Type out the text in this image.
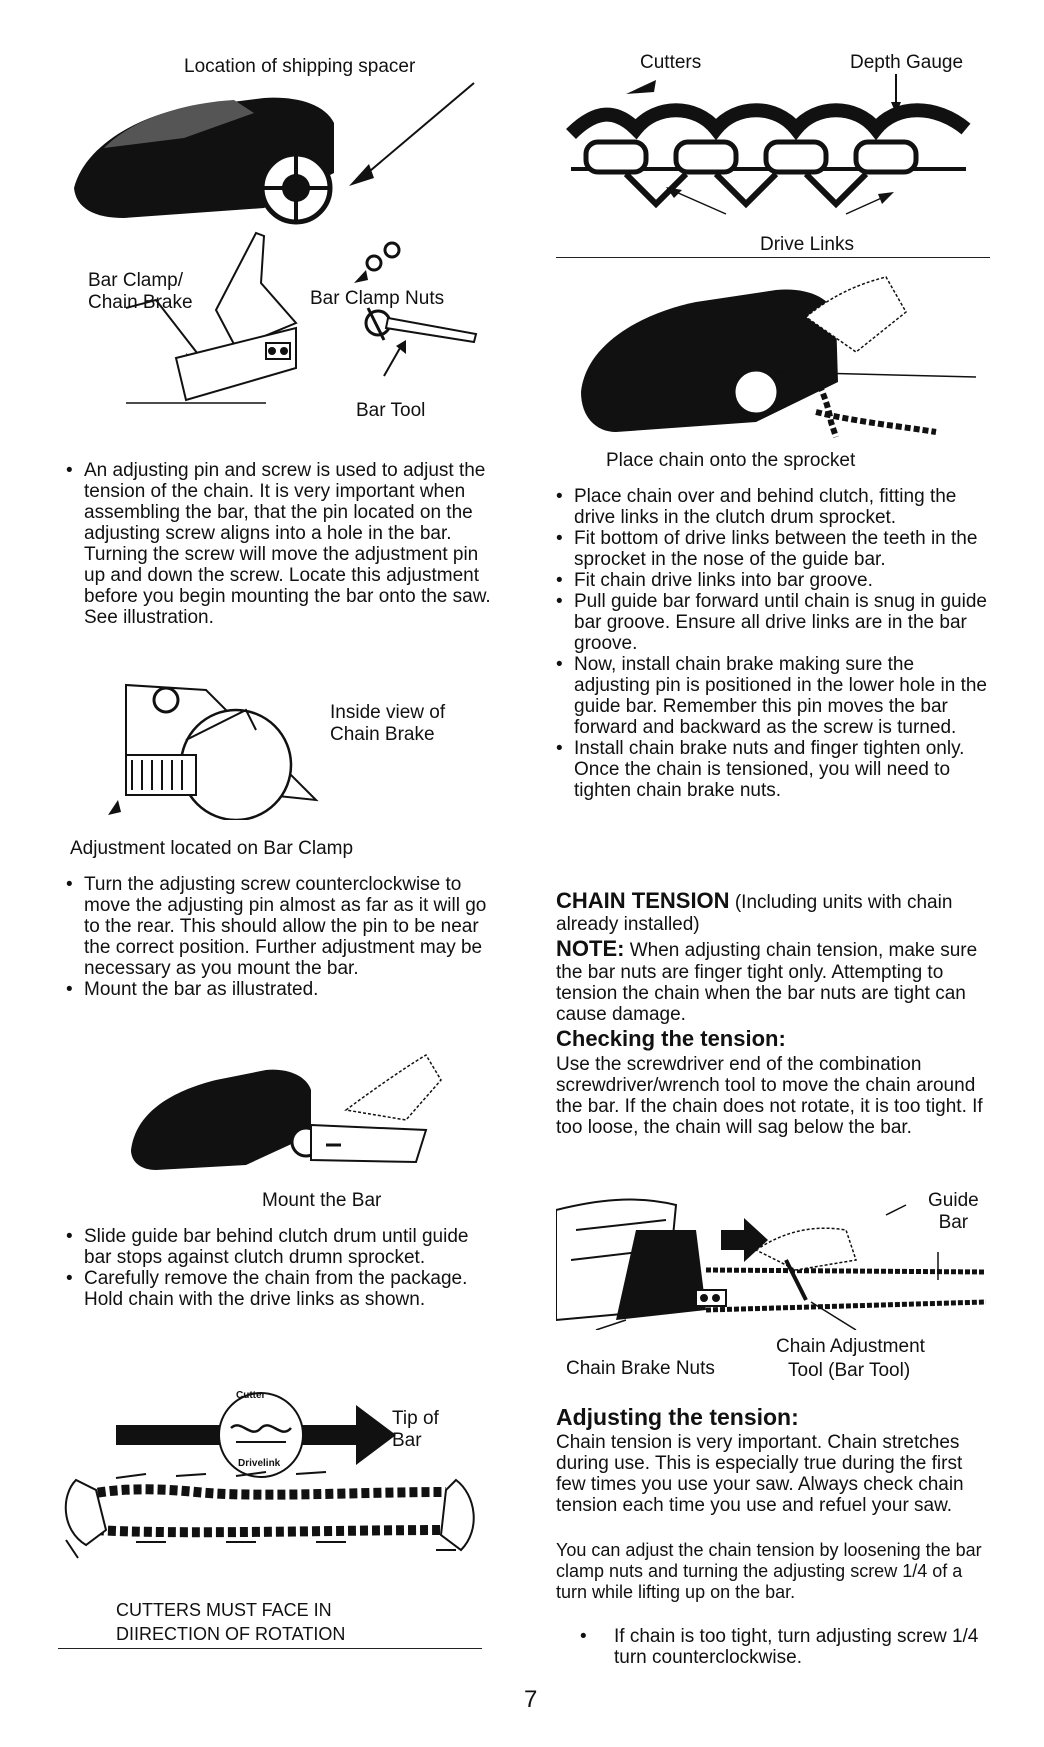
Location of shipping spacer
Bar Clamp/
Chain Brake	Bar Clamp Nuts
Bar Tool
• An adjusting pin and screw is used to adjust the tension of the chain. It is very important when assembling the bar, that the pin located on the adjusting screw aligns into a hole in the bar. Turning the screw will move the adjustment pin up and down the screw. Locate this adjustment before you begin mounting the bar onto the saw. See illustration.
Inside view of
Chain Brake
Adjustment located on Bar Clamp
• Turn the adjusting screw counterclockwise to move the adjusting pin almost as far as it will go to the rear. This should allow the pin to be near the correct position. Further adjustment may be necessary as you mount the bar.
• Mount the bar as illustrated.
Mount the Bar
• Slide guide bar behind clutch drum until guide bar stops against clutch drumn sprocket.
• Carefully remove the chain from the package. Hold chain with the drive links as shown.
Cutter
Drivelink
Tip of
Bar
CUTTERS MUST FACE IN
DIIRECTION OF ROTATION
Cutters	Depth Gauge
Drive Links
Place chain onto the sprocket
• Place chain over and behind clutch, fitting the drive links in the clutch drum sprocket.
• Fit bottom of drive links between the teeth in the sprocket in the nose of the guide bar.
• Fit chain drive links into bar groove.
• Pull guide bar forward until chain is snug in guide bar groove. Ensure all drive links are in the bar groove.
• Now, install chain brake making sure the adjusting pin is positioned in the lower hole in the guide bar. Remember this pin moves the bar forward and backward as the screw is turned.
• Install chain brake nuts and finger tighten only. Once the chain is tensioned, you will need to tighten chain brake nuts.

CHAIN TENSION (Including units with chain already installed)

NOTE: When adjusting chain tension, make sure the bar nuts are finger tight only. Attempting to tension the chain when the bar nuts are tight can cause damage.

Checking the tension:

Use the screwdriver end of the combination screwdriver/wrench tool to move the chain around the bar. If the chain does not rotate, it is too tight. If too loose, the chain will sag below the bar.

Guide
Bar
Chain Adjustment
Chain Brake Nuts	Tool (Bar Tool)
Adjusting the tension:

Chain tension is very important. Chain stretches during use. This is especially true during the first few times you use your saw. Always check chain tension each time you use and refuel your saw.

You can adjust the chain tension by loosening the bar clamp nuts and turning the adjusting screw 1/4 of a turn while lifting up on the bar.

• If chain is too tight, turn adjusting screw 1/4 turn counterclockwise.
7
